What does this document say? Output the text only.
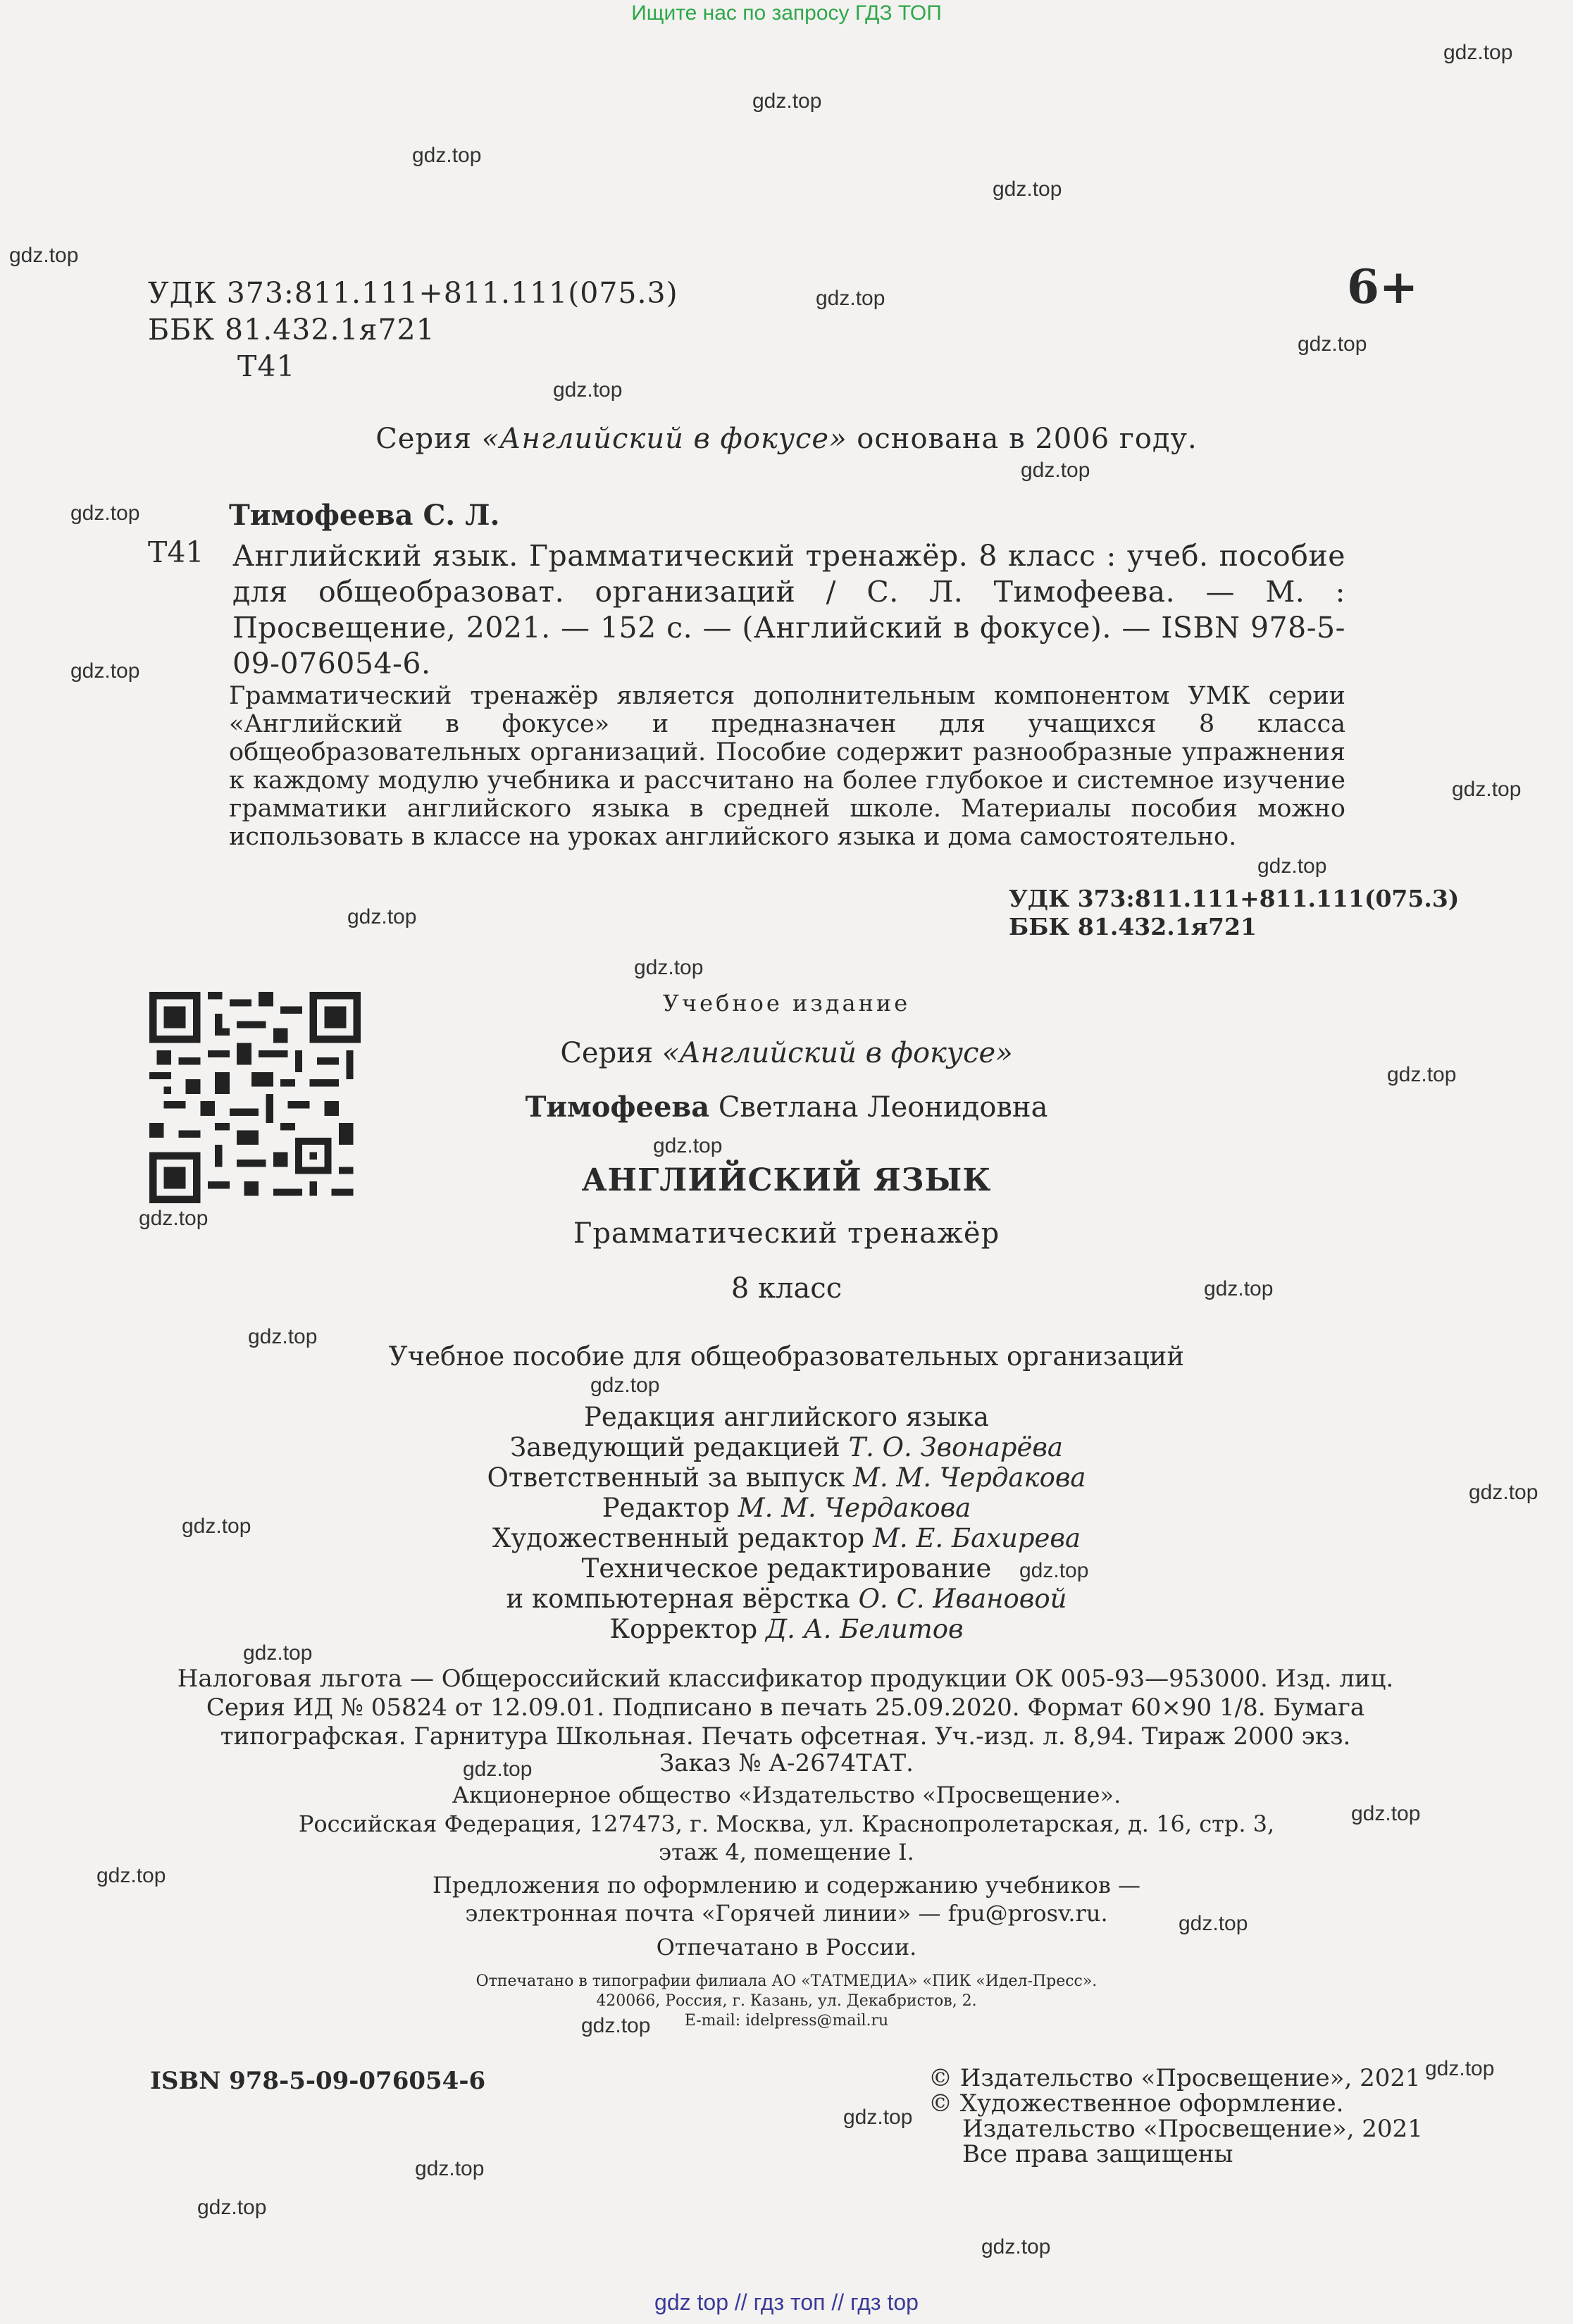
Ищите нас по запросу ГДЗ ТОП
gdz top // гдз топ // гдз top
gdz.top
gdz.top
gdz.top
gdz.top
gdz.top
gdz.top
gdz.top
gdz.top
gdz.top
gdz.top
gdz.top
gdz.top
gdz.top
gdz.top
gdz.top
gdz.top
gdz.top
gdz.top
gdz.top
gdz.top
gdz.top
gdz.top
gdz.top
gdz.top
gdz.top
gdz.top
gdz.top
gdz.top
gdz.top
gdz.top
gdz.top
gdz.top
gdz.top
gdz.top
gdz.top
УДК 373:811.111+811.111(075.3)
ББК 81.432.1я721
Т41
6+
Серия «Английский в фокусе» основана в 2006 году.
Тимофеева С. Л.
Т41 Английский язык. Грамматический тренажёр. 8 класс : учеб. пособие для общеобразоват. организаций / С. Л. Тимофеева. — М. : Просвещение, 2021. — 152 с. — (Английский в фокусе). — ISBN 978-5-09-076054-6.
Грамматический тренажёр является дополнительным компонентом УМК серии «Английский в фокусе» и предназначен для учащихся 8 класса общеобразовательных организаций. Пособие содержит разнообразные упражнения к каждому модулю учебника и рассчитано на более глубокое и системное изучение грамматики английского языка в средней школе. Материалы пособия можно использовать в классе на уроках английского языка и дома самостоятельно.
УДК 373:811.111+811.111(075.3)
ББК 81.432.1я721
Учебное издание
Серия «Английский в фокусе»
Тимофеева Светлана Леонидовна
АНГЛИЙСКИЙ ЯЗЫК
Грамматический тренажёр
8 класс
Учебное пособие для общеобразовательных организаций
Редакция английского языка
Заведующий редакцией Т. О. Звонарёва
Ответственный за выпуск М. М. Чердакова
Редактор М. М. Чердакова
Художественный редактор М. Е. Бахирева
Техническое редактирование
и компьютерная вёрстка О. С. Ивановой
Корректор Д. А. Белитов
Налоговая льгота — Общероссийский классификатор продукции ОК 005-93—953000. Изд. лиц. Серия ИД № 05824 от 12.09.01. Подписано в печать 25.09.2020. Формат 60×90 1/8. Бумага типографская. Гарнитура Школьная. Печать офсетная. Уч.-изд. л. 8,94. Тираж 2000 экз.
Заказ № А-2674ТАТ.
Акционерное общество «Издательство «Просвещение».
Российская Федерация, 127473, г. Москва, ул. Краснопролетарская, д. 16, стр. 3,
этаж 4, помещение I.
Предложения по оформлению и содержанию учебников —
электронная почта «Горячей линии» — fpu@prosv.ru.
Отпечатано в России.
Отпечатано в типографии филиала АО «ТАТМЕДИА» «ПИК «Идел-Пресс».
420066, Россия, г. Казань, ул. Декабристов, 2.
E-mail: idelpress@mail.ru
ISBN 978-5-09-076054-6	© Издательство «Просвещение», 2021
© Художественное оформление.
Издательство «Просвещение», 2021
Все права защищены
